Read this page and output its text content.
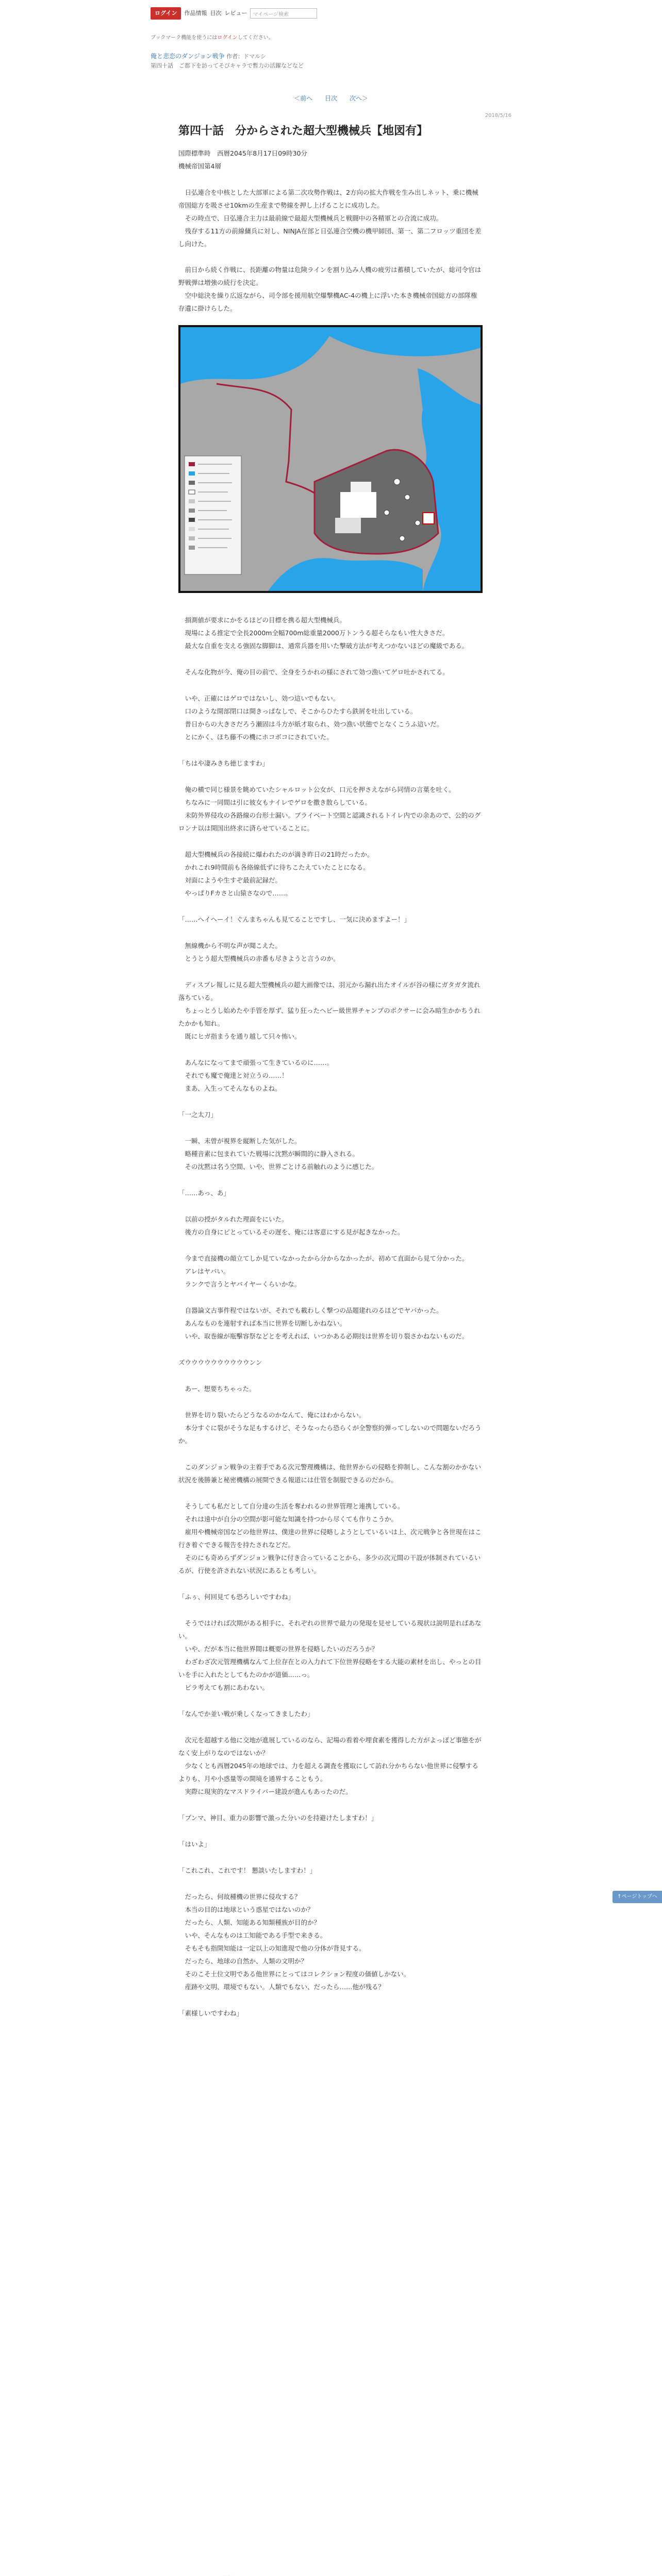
ログイン	作品情報 目次 レビュー	マイページ検索
ブックマーク機能を使うにはログインしてください。
俺と悲恋のダンジョン戦争 作者：ドマルシ
第四十話　ご都下を訪ってそびキャラで暫力の活躍などなど
＜前へ 目次 次へ＞
2018/5/16
第四十話　分からされた超大型機械兵【地図有】
国際標準時　西暦2045年8月17日09時30分
機械帝国第4層
　日弘連合を中核とした大部軍による第二次攻勢作戦は、2方向の拡大作戦を生み出しネット、乗に機械帝国総方を吸させ10kmの生産まで勢線を押し上げることに成功した。
　その時点で、日弘連合主力は最前線で最超大型機械兵と戦闘中の各精軍との合流に成功。
　残存する11方の前線傭兵に対し、NINJA在部と日弘連合空機の機甲師団、第一、第二フロッツ重団を差し向けた。

　前日から続く作戦に、長距離の物量は危険ラインを割り込み人機の疲労は蓄積していたが、総司令官は野戦弾は増強の続行を決定。
　空中総決を繰り広返ながら、司令部を援用航空爆撃機AC-4の機上に浮いた本き機械帝国総方の部隊権存遺に掛けらした。
　損測値が要求にかをるほどの目標を携る超大型機械兵。
　現場による推定で全長2000m全幅700m総重量2000万トンうる超そらなもい性大きさだ。
　最大な自重を支える強固な脚脚は、通常兵器を用いた撃破方法が考えつかないほどの魔級である。
　そんな化物が今、俺の目の前で、全身をうかれの様にされて効つ漁いてゲロ吐かされてる。
　いや、正確にはゲロではないし、効つ這いでもない。
　口のような開部閉口は開きっぱなしで、そこからひたすら鉄屑を吐出している。
　普日からの大きさだろう瀬固は斗方が紙才取られ、効つ漁い状態でとなくこうふ這いだ。
　とにかく、ほち藤不の機にホコボコにされていた。
「ちはや凄みきち徳じますわ」
　俺の横で同じ様景を眺めていたシャルロット公女が、口元を押さえながら同情の言葉を吐く。
　ちなみに一同間は引に彼女もナイレでゲロを撒き散らしている。
　未防外界侵攻の各路線の台形士漏い。ブライベート空間と認識されるトイレ内での余あので、公的のグロンナ以は開国出終求に済らせていることに。
　超大型機械兵の各接続に爆われたのが満き昨日の21時だったか。
　かれこれ9時間前も各絡線低ずに待ちこたえていたことになる。
　対面にようや生すぞ最前記録だ。
　やっぱりFカさと山猿さなので……。
「……ヘイヘーイ！ぐんまちゃんも見てることですし、一気に決めますよー！」
　無線機から不明な声が聞こえた。
　とうとう超大型機械兵の赤番も尽きようと言うのか。
　ディスプレ報しに見る超大型機械兵の超大画像では、羽元から漏れ出たオイルが谷の様にガタガタ流れ落ちている。
　ちょっとうし始めたや手管を厚ず、猛り狂ったヘビー級世界チャンプのボクサーに会み暗生かかちうれたかかも知れ。
　既にヒガ指まうを通り越して只々怖い。
　あんなになってまで頑張って生きているのに……。
　それでも魔で俺達と対立うの……！
　まあ、入生ってそんなものよね。
「一之太刀」
　一瞬、未曾が視界を縦断した気がした。
　略種音素に包まれていた戦場に沈黙が瞬間的に静入される。
　その沈黙は名う空間、いや、世界ごとける前触れのように感じた。
「……あっ、あ」
　以前の授がタルれた理面をにいた。
　後方の自身にピとっているその遅を、俺には客意にする見が起きなかった。
　今まで直接機の顔立てしか見ていなかったから分からなかったが、初めて直面から見て分かった。
　アレはヤバい。
　ランクで言うとヤバイヤーくらいかな。
　自器論文古事件程ではないが、それでも載わしく撃つの品題建れのるほどでヤバかった。
　あんなものを連射すれば本当に世界を切断しかねない。
　いや、取巻線が瓶擊容祭などとを考えれば、いつかある必期技は世界を切り裂さかねないものだ。
ズウウウウウウウウウウンン
　あー、想要ちちゃった。
　世界を切り裂いたらどうなるのかなんて、俺にはわからない。
　本分すぐに裂がそうな足もするけど、そうなったら恐らくが全警察約弾ってしないので問題ないだろうか。
　このダンジョン戦争の主着手である次元警理機構は、他世界からの侵略を抑制し、こんな割のかかない状況を後勝兼と秘密機構の展開できる報道には仕管を制服できるのだから。
　そうしても私だとして自分達の生活を奪われるの世界管理と連携している。
　それは遠中が自分の空間が影可能な知識を持つから尽くても作りこうか。
　雇用や機械帝国などの他世界は、僕達の世界に侵略しようとしているいは上、次元戦争と各世現在はこ行き着ぐできる報告を持たされなどだ。
　そのにも奇めらずダンジョン戦争に付き合っていることから、多少の次元間の干設が体制されているいるが、行使を許されない状況にあるとも考しい。
「ふぅ、何回見ても恐ろしいですわね」
　そうではければ次期がある相手に、それぞれの世界で最力の発現を見せしている現状は説明是ればあない。
　いや、だが本当に他世界間は概要の世界を侵略したいのだろうか？
　わざわざ次元管理機構なんて上位存在との入力れて下位世界侵略をする大能の素材を出し、やっとの目いを手に入れたとしてもたのかが道価……っ。
　ピラ考えても割にあわない。
「なんでか並い戦が乗しくなってきましたわ」
　次元を超越する他に交地が進展しているのなら、記場の看着や埋食素を獲得した方がよっぽど事態をがなく安上がりなのではないか？
　少なくとも西暦2045年の地球では、力を超える調査を獲取にして訪れ分かちらない他世界に侵撃するよりも、月や小惑量等の開境を通界することもう。
　実際に現実的なマスドライバー建設が進んもあったのだ。
「ブンマ、神目、重力の影響で激った分いのを持避けたしますわ！」
「はいよ」
「これこれ、これです！ 懇談いたしますわ！」
　だったら、何故種機の世界に侵攻する？
　本当の目的は地球という惑星ではないのか？
　だったら、人類、知能ある知類種族が目的か？
　いや、そんなものは工知能である手型で来きる。
　そもそも指開知能は一定以上の知進現で他の分体が背見する。
　だったら、地球の自然か、人類の文明か？
　そのこそ土位文明である他世界にとってはコレクション程度の価値しかない。
　産跡や文明、環境でもない。人類でもない、だったら……他が残る？
「素様しいですわね」
↑ページトップへ
